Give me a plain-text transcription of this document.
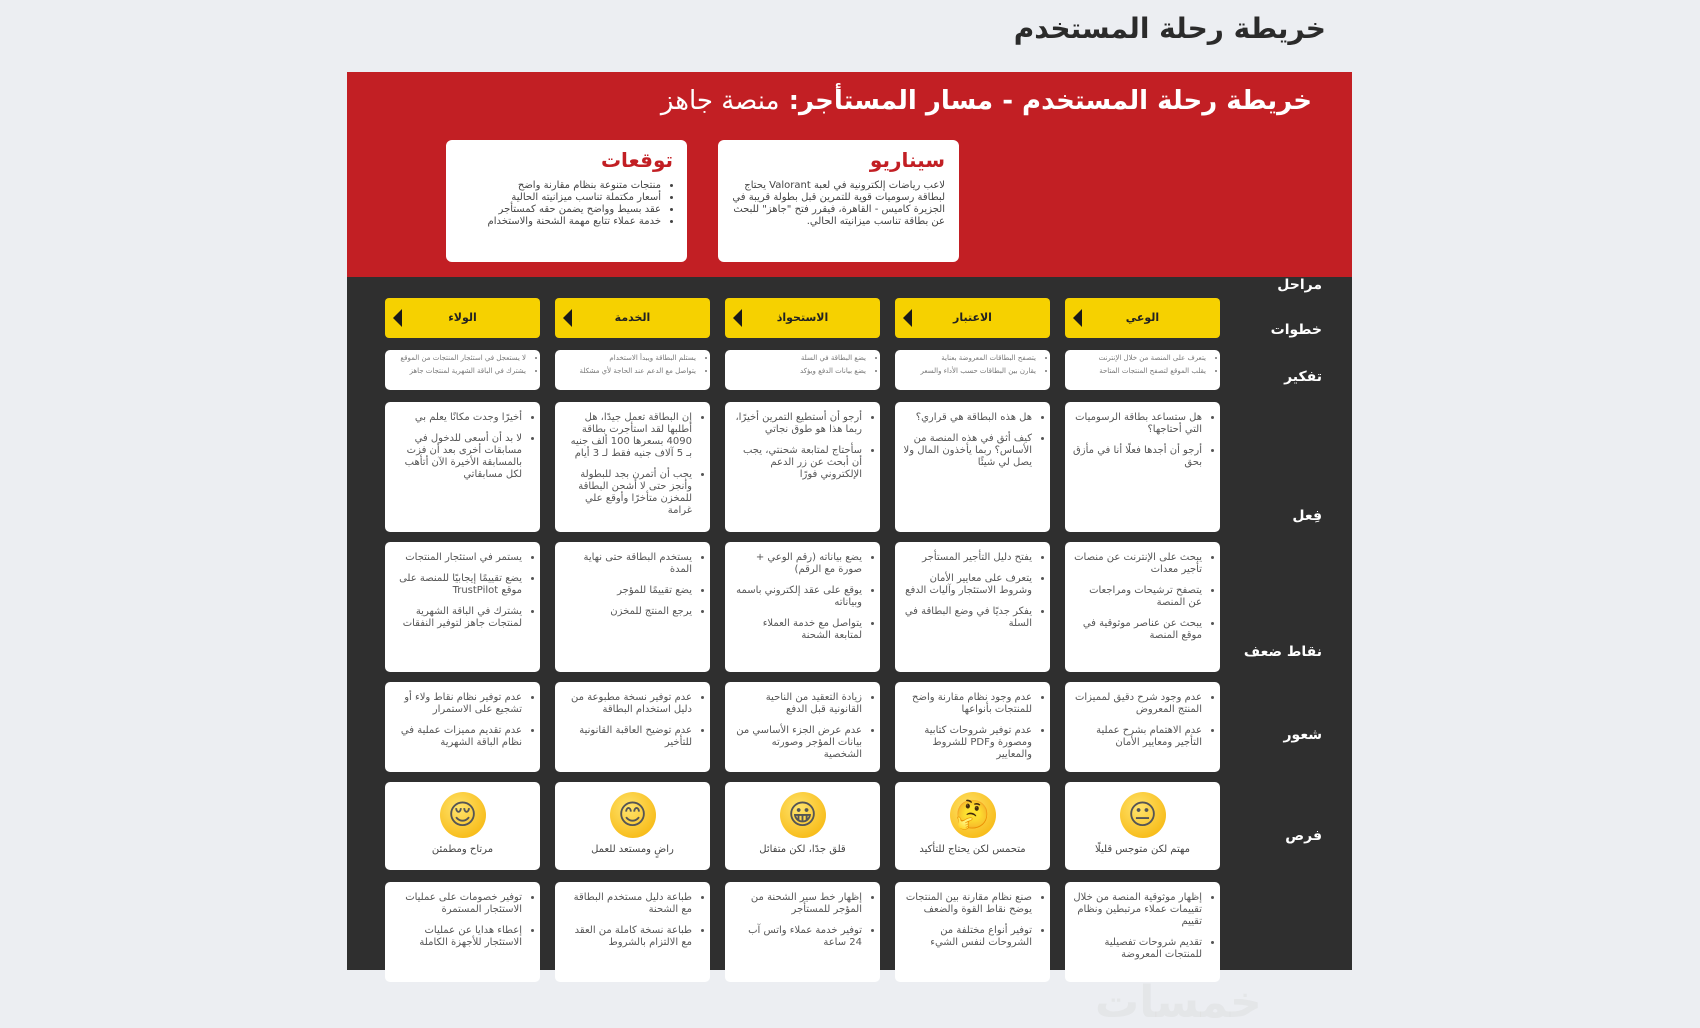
خريطة رحلة المستخدم
خريطة رحلة المستخدم - مسار المستأجر: منصة جاهز
سيناريو
لاعب رياضات إلكترونية في لعبة Valorant يحتاج لبطاقة رسوميات قوية للتمرين قبل بطولة قريبة في الجزيرة كاميس - القاهرة، فيقرر فتح "جاهز" للبحث عن بطاقة تناسب ميزانيته الحالي.
توقعات
• منتجات متنوعة بنظام مقارنة واضح
• أسعار مكتملة تناسب ميزانيته الحالية
• عقد بسيط وواضح يضمن حقه كمستأجر
• خدمة عملاء تتابع مهمة الشحنة والاستخدام
مراحل
خطوات
تفكير
فِعل
نقاط ضعف
شعور
فرص
الوعي
الاعتبار
الاستحواذ
الخدمة
الولاء
• يتعرف على المنصة من خلال الإنترنت
• يقلب الموقع لتصفح المنتجات المتاحة
• يتصفح البطاقات المعروضة بعناية
• يقارن بين البطاقات حسب الأداء والسعر
• يضع البطاقة في السلة
• يضع بيانات الدفع ويؤكد
• يستلم البطاقة ويبدأ الاستخدام
• يتواصل مع الدعم عند الحاجة لأي مشكلة
• لا يستعجل في استئجار المنتجات من الموقع
• يشترك في الباقة الشهرية لمنتجات جاهز
• هل ستساعد بطاقة الرسوميات التي أحتاجها؟
• أرجو أن أجدها فعلًا أنا في مأزق بحق
• هل هذه البطاقة هي قراري؟
• كيف أثق في هذه المنصة من الأساس؟ ربما يأخذون المال ولا يصل لي شيئًا
• أرجو أن أستطيع التمرين أخيرًا، ربما هذا هو طوق نجاتي
• سأحتاج لمتابعة شحنتي، يجب أن أبحث عن زر الدعم الإلكتروني فورًا
• إن البطاقة تعمل جيدًا، هل أطلبها لقد استأجرت بطاقة 4090 بسعرها 100 ألف جنيه بـ 5 آلاف جنيه فقط لـ 3 أيام
• يجب أن أتمرن بجد للبطولة وأنجز حتى لا أشحن البطاقة للمخزن متأخرًا وأوقع علي غرامة
• أخيرًا وجدت مكانًا يعلم بي
• لا بد أن أسعى للدخول في مسابقات أخرى بعد أن فزت بالمسابقة الأخيرة الآن أتأهب لكل مسابقاتي
• يبحث على الإنترنت عن منصات تأجير معدات
• يتصفح ترشيحات ومراجعات عن المنصة
• يبحث عن عناصر موثوقية في موقع المنصة
• يفتح دليل التأجير المستأجر
• يتعرف على معايير الأمان وشروط الاستئجار وآليات الدفع
• يفكر جديًا في وضع البطاقة في السلة
• يضع بياناته (رقم الوعي + صورة مع الرقم)
• يوقع على عقد إلكتروني باسمه وبياناته
• يتواصل مع خدمة العملاء لمتابعة الشحنة
• يستخدم البطاقة حتى نهاية المدة
• يضع تقييمًا للمؤجر
• يرجع المنتج للمخزن
• يستمر في استئجار المنتجات
• يضع تقييمًا إيجابيًا للمنصة على موقع TrustPilot
• يشترك في الباقة الشهرية لمنتجات جاهز لتوفير النفقات
• عدم وجود شرح دقيق لمميزات المنتج المعروض
• عدم الاهتمام بشرح عملية التأجير ومعايير الأمان
• عدم وجود نظام مقارنة واضح للمنتجات بأنواعها
• عدم توفير شروحات كتابية ومصورة وPDF للشروط والمعايير
• زيادة التعقيد من الناحية القانونية قبل الدفع
• عدم عرض الجزء الأساسي من بيانات المؤجر وصورته الشخصية
• عدم توفير نسخة مطبوعة من دليل استخدام البطاقة
• عدم توضيح العاقبة القانونية للتأخير
• عدم توفير نظام نقاط ولاء أو تشجيع على الاستمرار
• عدم تقديم مميزات عملية في نظام الباقة الشهرية
😐
مهتم لكن متوجس قليلًا
🤔
متحمس لكن يحتاج للتأكيد
😀
قلق جدًا، لكن متفائل
😊
راضٍ ومستعد للعمل
😌
مرتاح ومطمئن
• إظهار موثوقية المنصة من خلال تقييمات عملاء مرتبطين ونظام تقييم
• تقديم شروحات تفصيلية للمنتجات المعروضة
• صنع نظام مقارنة بين المنتجات يوضح نقاط القوة والضعف
• توفير أنواع مختلفة من الشروحات لنفس الشيء
• إظهار خط سير الشحنة من المؤجر للمستأجر
• توفير خدمة عملاء واتس آب 24 ساعة
• طباعة دليل مستخدم البطاقة مع الشحنة
• طباعة نسخة كاملة من العقد مع الالتزام بالشروط
• توفير خصومات على عمليات الاستئجار المستمرة
• إعطاء هدايا عن عمليات الاستئجار للأجهزة الكاملة
خمسات
